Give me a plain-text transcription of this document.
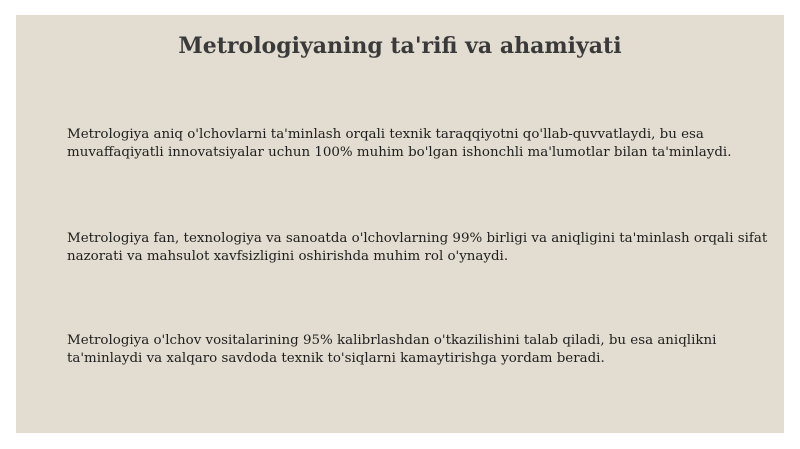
Metrologiyaning ta'rifi va ahamiyati

Metrologiya aniq o'lchovlarni ta'minlash orqali texnik taraqqiyotni qo'llab-quvvatlaydi, bu esa muvaffaqiyatli innovatsiyalar uchun 100% muhim bo'lgan ishonchli ma'lumotlar bilan ta'minlaydi.

Metrologiya fan, texnologiya va sanoatda o'lchovlarning 99% birligi va aniqligini ta'minlash orqali sifat nazorati va mahsulot xavfsizligini oshirishda muhim rol o'ynaydi.

Metrologiya o'lchov vositalarining 95% kalibrlashdan o'tkazilishini talab qiladi, bu esa aniqlikni ta'minlaydi va xalqaro savdoda texnik to'siqlarni kamaytirishga yordam beradi.
